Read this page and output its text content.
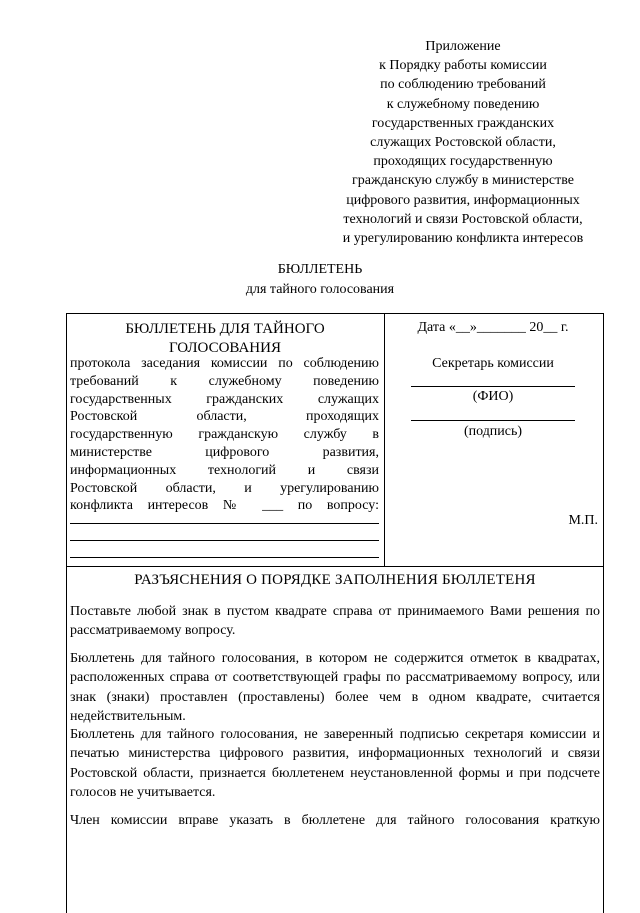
Приложение
к Порядку работы комиссии
по соблюдению требований
к служебному поведению
государственных гражданских
служащих Ростовской области,
проходящих государственную
гражданскую службу в министерстве
цифрового развития, информационных
технологий и связи Ростовской области,
и урегулированию конфликта интересов
БЮЛЛЕТЕНЬ
для тайного голосования
БЮЛЛЕТЕНЬ ДЛЯ ТАЙНОГО
ГОЛОСОВАНИЯ
протокола заседания комиссии по соблюдению
требований к служебному поведению
государственных гражданских служащих
Ростовской области, проходящих
государственную гражданскую службу в
министерстве цифрового развития,
информационных технологий и связи
Ростовской области, и урегулированию
конфликта интересов № ___ по вопросу:
Дата «__»_______ 20__ г.
Секретарь комиссии
(ФИО)
(подпись)
М.П.
РАЗЪЯСНЕНИЯ О ПОРЯДКЕ ЗАПОЛНЕНИЯ БЮЛЛЕТЕНЯ
Поставьте любой знак в пустом квадрате справа от принимаемого Вами решения по рассматриваемому вопросу.
Бюллетень для тайного голосования, в котором не содержится отметок в квадратах, расположенных справа от соответствующей графы по рассматриваемому вопросу, или знак (знаки) проставлен (проставлены) более чем в одном квадрате, считается недействительным.
Бюллетень для тайного голосования, не заверенный подписью секретаря комиссии и печатью министерства цифрового развития, информационных технологий и связи Ростовской области, признается бюллетенем неустановленной формы и при подсчете голосов не учитывается.
Член комиссии вправе указать в бюллетене для тайного голосования краткую
